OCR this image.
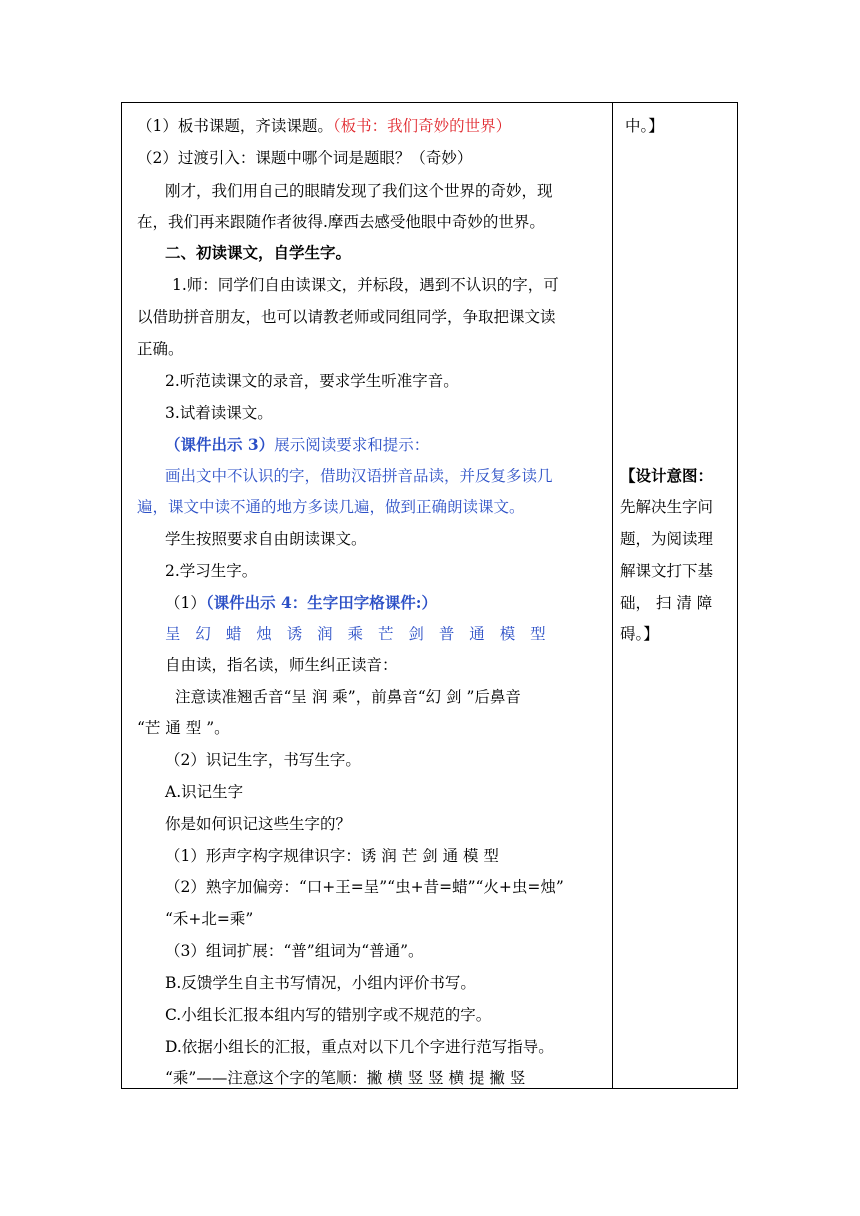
（1）板书课题，齐读课题。（板书：我们奇妙的世界）
（2）过渡引入：课题中哪个词是题眼？（奇妙）
刚才，我们用自己的眼睛发现了我们这个世界的奇妙，现
在，我们再来跟随作者彼得.摩西去感受他眼中奇妙的世界。
二、初读课文，自学生字。
1.师：同学们自由读课文，并标段，遇到不认识的字，可
以借助拼音朋友，也可以请教老师或同组同学，争取把课文读
正确。
2.听范读课文的录音，要求学生听准字音。
3.试着读课文。
（课件出示 3）展示阅读要求和提示：
画出文中不认识的字，借助汉语拼音品读，并反复多读几
遍，课文中读不通的地方多读几遍，做到正确朗读课文。
学生按照要求自由朗读课文。
2.学习生字。
（1）（课件出示 4：生字田字格课件:）
呈 幻 蜡 烛 诱 润 乘 芒 剑 普 通 模 型
自由读，指名读，师生纠正读音：
注意读准翘舌音“呈 润 乘”，前鼻音“幻 剑 ”后鼻音
“芒 通 型 ”。
（2）识记生字，书写生字。
A.识记生字
你是如何识记这些生字的？
（1）形声字构字规律识字：诱 润 芒 剑 通 模 型
（2）熟字加偏旁：“口+王=呈”“虫+昔=蜡”“火+虫=烛”
“禾+北=乘”
（3）组词扩展：“普”组词为“普通”。
B.反馈学生自主书写情况，小组内评价书写。
C.小组长汇报本组内写的错别字或不规范的字。
D.依据小组长的汇报，重点对以下几个字进行范写指导。
“乘”——注意这个字的笔顺：撇 横 竖 竖 横 提 撇 竖
中。】
【设计意图：
先解决生字问
题，为阅读理
解课文打下基
础， 扫 清 障
碍。】
